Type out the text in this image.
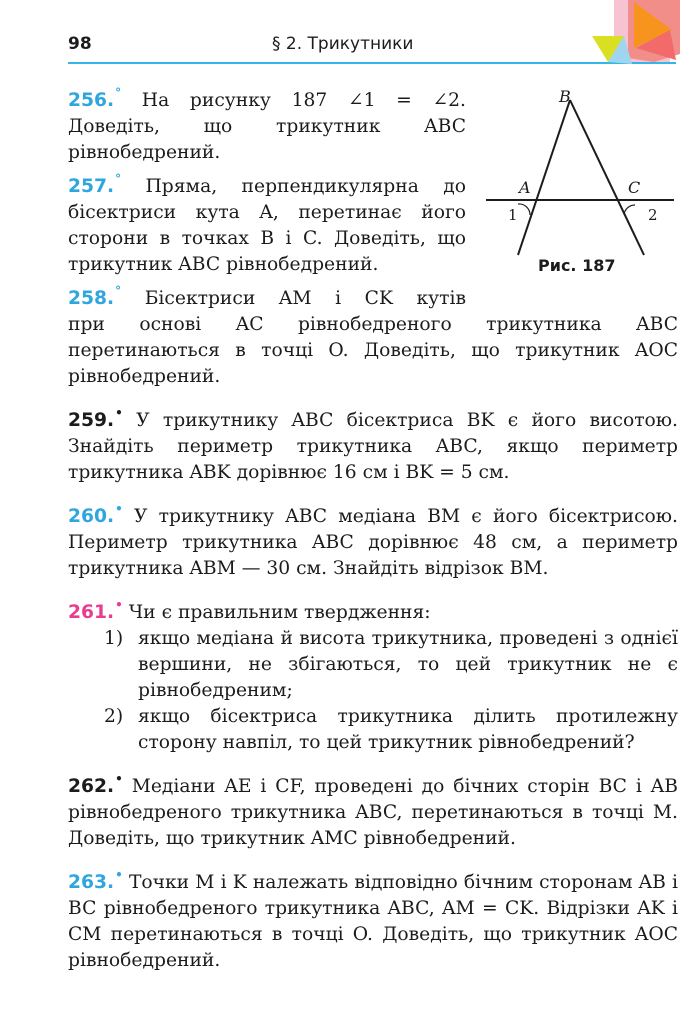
98	§ 2. Трикутники
B
A	C
1	2
Рис. 187

256.° На рисунку 187 ∠1 = ∠2. Доведіть, що трикутник ABC рівнобедрений.

257.° Пряма, перпендикулярна до бісектриси кута A, перетинає його сторони в точках B і C. Доведіть, що трикутник ABC рівнобедрений.

258.° Бісектриси AM і CK кутів

при основі AC рівнобедреного трикутника ABC перетинаються в точці O. Доведіть, що трикутник AOC рівнобедрений.

259.• У трикутнику ABC бісектриса BK є його висотою. Знайдіть периметр трикутника ABC, якщо периметр трикутника ABK дорівнює 16 см і BK = 5 см.

260.• У трикутнику ABC медіана BM є його бісектрисою. Периметр трикутника ABC дорівнює 48 см, а периметр трикутника ABM — 30 см. Знайдіть відрізок BM.

261.• Чи є правильним твердження:

1) якщо медіана й висота трикутника, проведені з однієї вершини, не збігаються, то цей трикутник не є рівнобедреним;
2) якщо бісектриса трикутника ділить протилежну сторону навпіл, то цей трикутник рівнобедрений?

262.• Медіани AE і CF, проведені до бічних сторін BC і AB рівнобедреного трикутника ABC, перетинаються в точці M. Доведіть, що трикутник AMC рівнобедрений.

263.• Точки M і K належать відповідно бічним сторонам AB і BC рівнобедреного трикутника ABC, AM = CK. Відрізки AK і CM перетинаються в точці O. Доведіть, що трикутник AOC рівнобедрений.
